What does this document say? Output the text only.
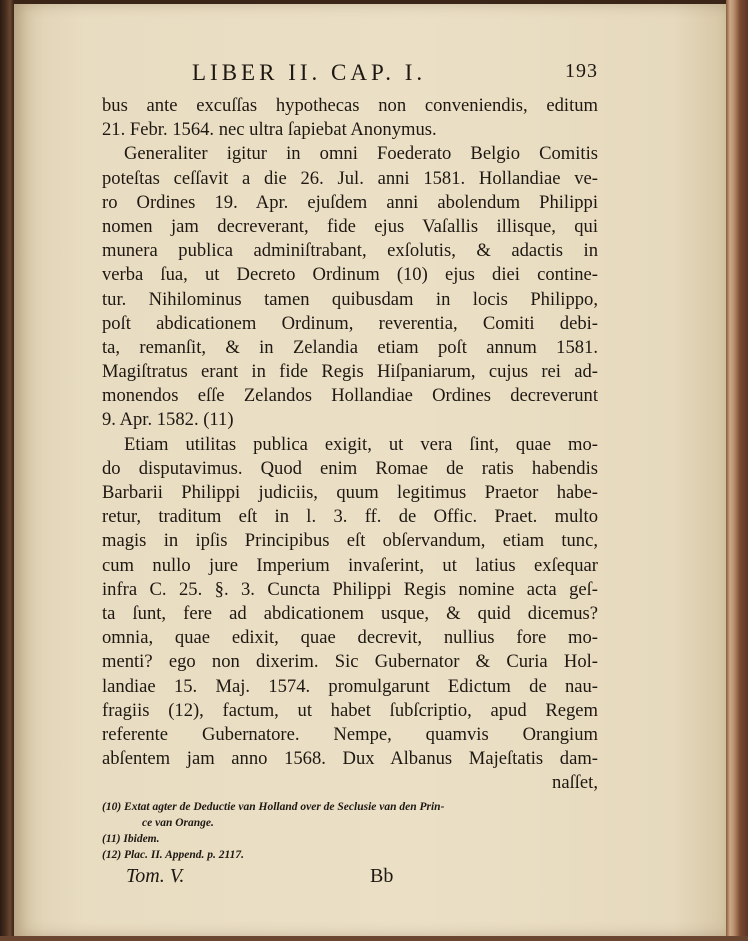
LIBER II. CAP. I.	193
bus ante excuſſas hypothecas non conveniendis, editum
21. Febr. 1564. nec ultra ſapiebat Anonymus.
Generaliter igitur in omni Foederato Belgio Comitis
poteſtas ceſſavit a die 26. Jul. anni 1581. Hollandiae ve-
ro Ordines 19. Apr. ejuſdem anni abolendum Philippi
nomen jam decreverant, fide ejus Vaſallis illisque, qui
munera publica adminiſtrabant, exſolutis, & adactis in
verba ſua, ut Decreto Ordinum (10) ejus diei contine-
tur. Nihilominus tamen quibusdam in locis Philippo,
poſt abdicationem Ordinum, reverentia, Comiti debi-
ta, remanſit, & in Zelandia etiam poſt annum 1581.
Magiſtratus erant in fide Regis Hiſpaniarum, cujus rei ad-
monendos eſſe Zelandos Hollandiae Ordines decreverunt
9. Apr. 1582. (11)
Etiam utilitas publica exigit, ut vera ſint, quae mo-
do disputavimus. Quod enim Romae de ratis habendis
Barbarii Philippi judiciis, quum legitimus Praetor habe-
retur, traditum eſt in l. 3. ff. de Offic. Praet. multo
magis in ipſis Principibus eſt obſervandum, etiam tunc,
cum nullo jure Imperium invaſerint, ut latius exſequar
infra C. 25. §. 3. Cuncta Philippi Regis nomine acta geſ-
ta ſunt, fere ad abdicationem usque, & quid dicemus?
omnia, quae edixit, quae decrevit, nullius fore mo-
menti? ego non dixerim. Sic Gubernator & Curia Hol-
landiae 15. Maj. 1574. promulgarunt Edictum de nau-
fragiis (12), factum, ut habet ſubſcriptio, apud Regem
referente Gubernatore. Nempe, quamvis Orangium
abſentem jam anno 1568. Dux Albanus Majeſtatis dam-
naſſet,
(10) Extat agter de Deductie van Holland over de Seclusie van den Prin-
ce van Orange.
(11) Ibidem.
(12) Plac. II. Append. p. 2117.
Tom. V.	Bb
